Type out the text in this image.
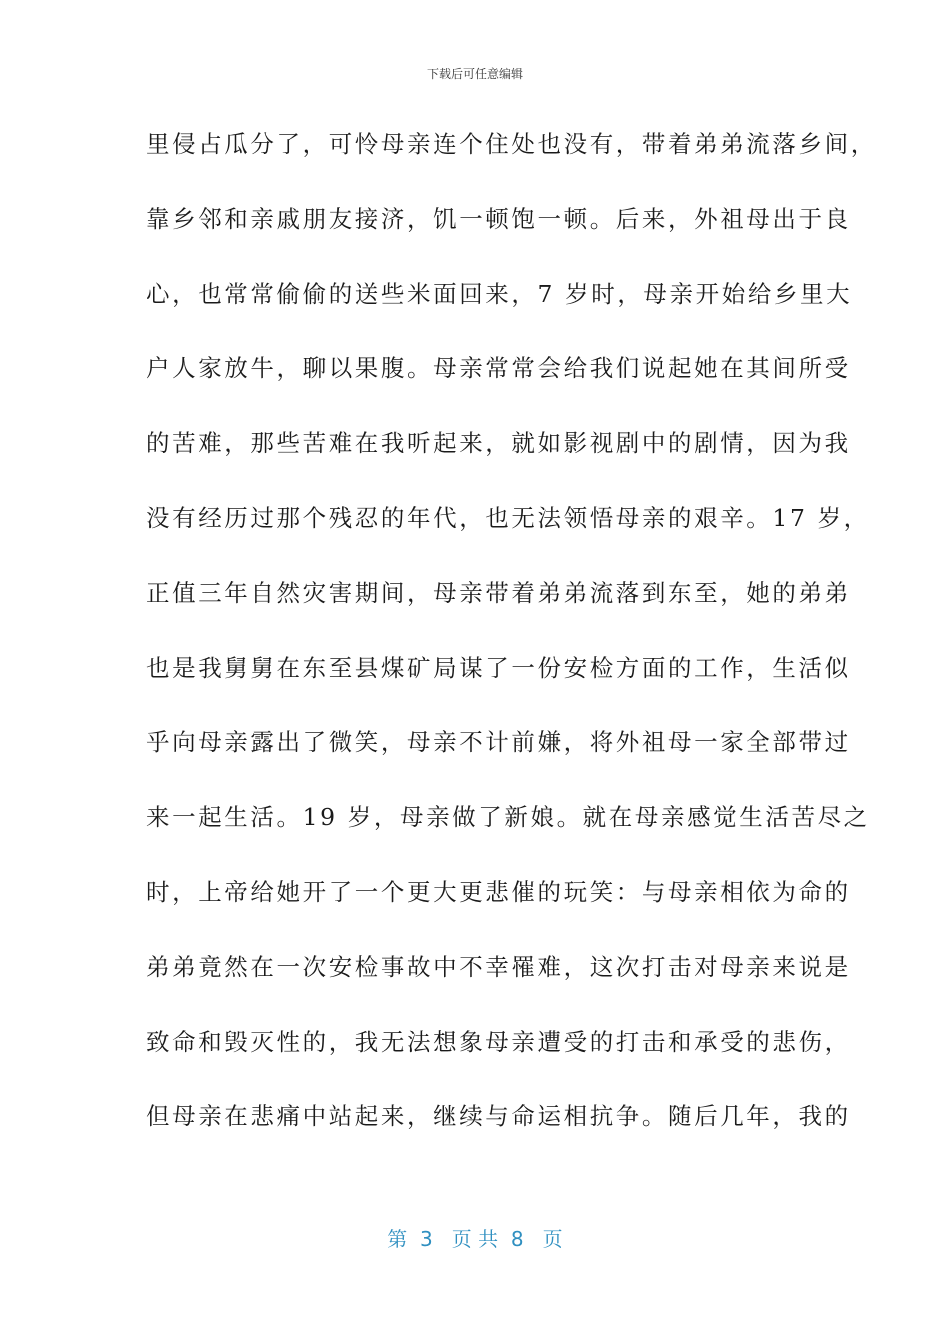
下载后可任意编辑
里侵占瓜分了，可怜母亲连个住处也没有，带着弟弟流落乡间，
靠乡邻和亲戚朋友接济，饥一顿饱一顿。后来，外祖母出于良
心，也常常偷偷的送些米面回来，7 岁时，母亲开始给乡里大
户人家放牛，聊以果腹。母亲常常会给我们说起她在其间所受
的苦难，那些苦难在我听起来，就如影视剧中的剧情，因为我
没有经历过那个残忍的年代，也无法领悟母亲的艰辛。17 岁，
正值三年自然灾害期间，母亲带着弟弟流落到东至，她的弟弟
也是我舅舅在东至县煤矿局谋了一份安检方面的工作，生活似
乎向母亲露出了微笑，母亲不计前嫌，将外祖母一家全部带过
来一起生活。19 岁，母亲做了新娘。就在母亲感觉生活苦尽之
时，上帝给她开了一个更大更悲催的玩笑：与母亲相依为命的
弟弟竟然在一次安检事故中不幸罹难，这次打击对母亲来说是
致命和毁灭性的，我无法想象母亲遭受的打击和承受的悲伤，
但母亲在悲痛中站起来，继续与命运相抗争。随后几年，我的
第  3   页 共  8   页
